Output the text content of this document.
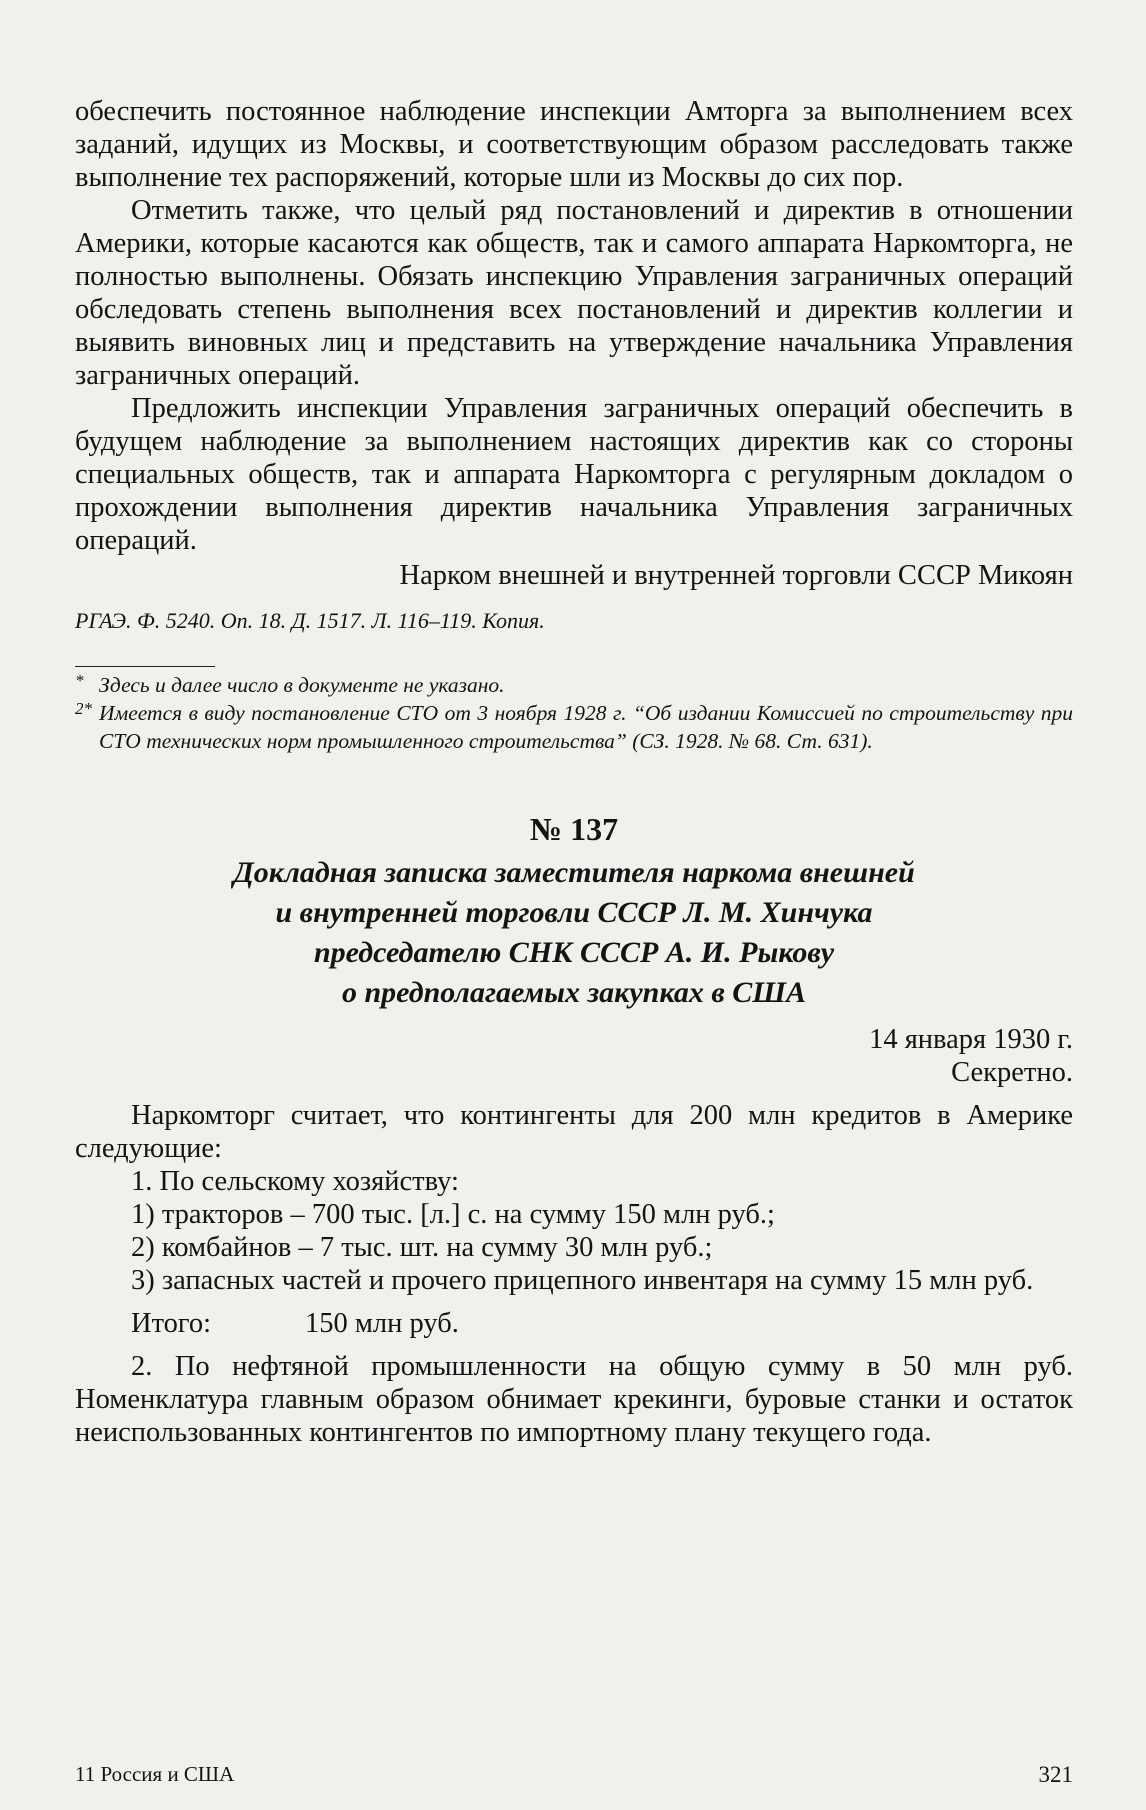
обеспечить постоянное наблюдение инспекции Амторга за выполнением всех заданий, идущих из Москвы, и соответствующим образом расследовать также выполнение тех распоряжений, которые шли из Москвы до сих пор.

Отметить также, что целый ряд постановлений и директив в отношении Америки, которые касаются как обществ, так и самого аппарата Наркомторга, не полностью выполнены. Обязать инспекцию Управления заграничных операций обследовать степень выполнения всех постановлений и директив коллегии и выявить виновных лиц и представить на утверждение начальника Управления заграничных операций.

Предложить инспекции Управления заграничных операций обеспечить в будущем наблюдение за выполнением настоящих директив как со стороны специальных обществ, так и аппарата Наркомторга с регулярным докладом о прохождении выполнения директив начальника Управления заграничных операций.

Нарком внешней и внутренней торговли СССР Микоян
РГАЭ. Ф. 5240. Оп. 18. Д. 1517. Л. 116–119. Копия.
* Здесь и далее число в документе не указано.
2* Имеется в виду постановление СТО от 3 ноября 1928 г. “Об издании Комиссией по строительству при СТО технических норм промышленного строительства” (СЗ. 1928. № 68. Ст. 631).
№ 137
Докладная записка заместителя наркома внешней
и внутренней торговли СССР Л. М. Хинчука
председателю СНК СССР А. И. Рыкову
о предполагаемых закупках в США
14 января 1930 г.
Секретно.

Наркомторг считает, что контингенты для 200 млн кредитов в Америке следующие:

1. По сельскому хозяйству:

1) тракторов – 700 тыс. [л.] с. на сумму 150 млн руб.;

2) комбайнов – 7 тыс. шт. на сумму 30 млн руб.;

3) запасных частей и прочего прицепного инвентаря на сумму 15 млн руб.

Итого:	150 млн руб.

2. По нефтяной промышленности на общую сумму в 50 млн руб. Номенклатура главным образом обнимает крекинги, буровые станки и остаток неиспользованных контингентов по импортному плану текущего года.

11 Россия и США	321
